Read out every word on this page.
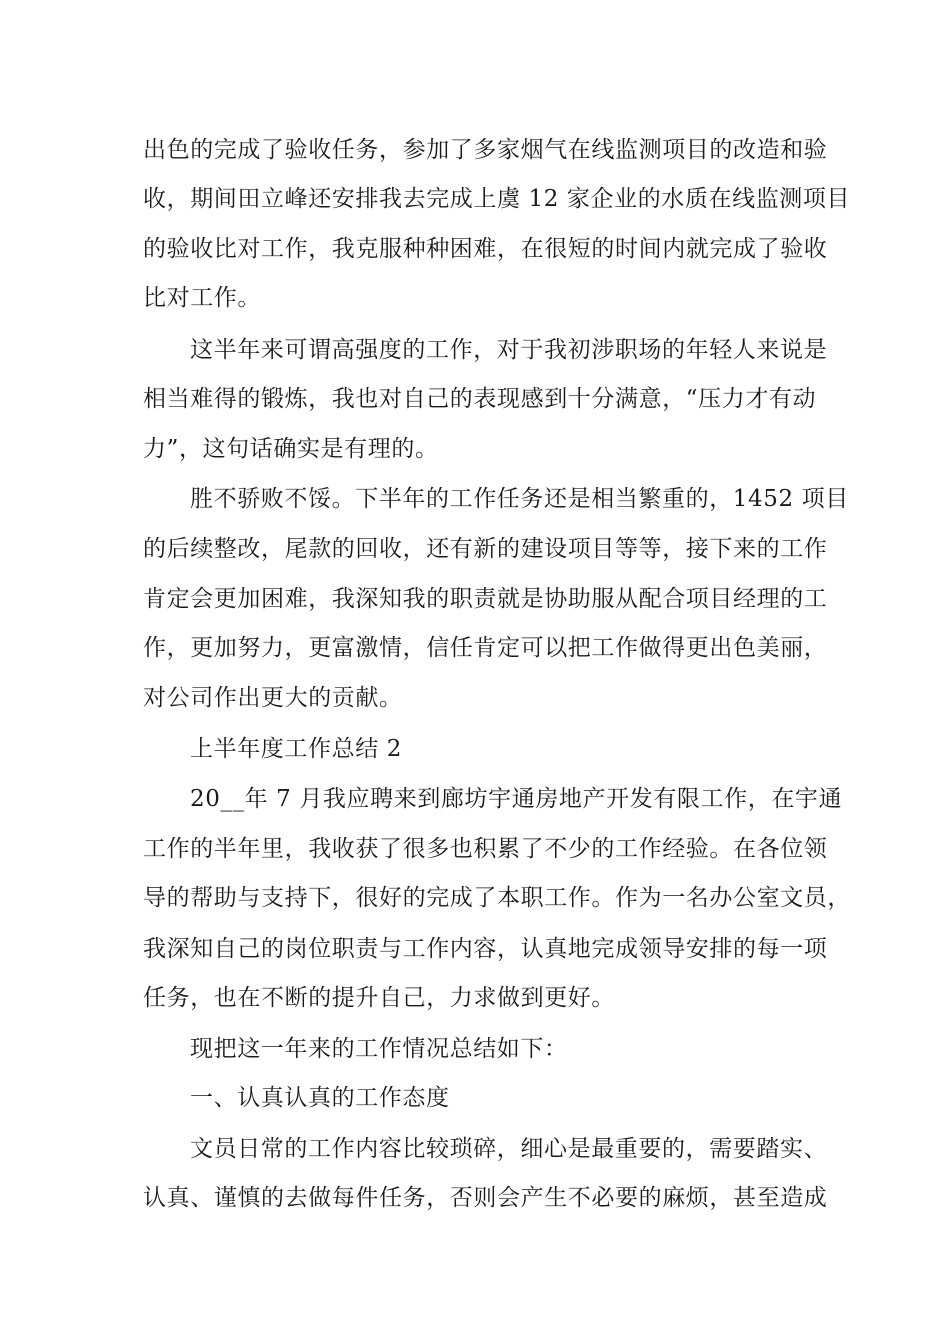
出色的完成了验收任务，参加了多家烟气在线监测项目的改造和验
收，期间田立峰还安排我去完成上虞 12 家企业的水质在线监测项目
的验收比对工作，我克服种种困难，在很短的时间内就完成了验收
比对工作。
这半年来可谓高强度的工作，对于我初涉职场的年轻人来说是
相当难得的锻炼，我也对自己的表现感到十分满意，“压力才有动
力”，这句话确实是有理的。
胜不骄败不馁。下半年的工作任务还是相当繁重的，1452 项目
的后续整改，尾款的回收，还有新的建设项目等等，接下来的工作
肯定会更加困难，我深知我的职责就是协助服从配合项目经理的工
作，更加努力，更富激情，信任肯定可以把工作做得更出色美丽，
对公司作出更大的贡献。
上半年度工作总结 2
20__年 7 月我应聘来到廊坊宇通房地产开发有限工作，在宇通
工作的半年里，我收获了很多也积累了不少的工作经验。在各位领
导的帮助与支持下，很好的完成了本职工作。作为一名办公室文员，
我深知自己的岗位职责与工作内容，认真地完成领导安排的每一项
任务，也在不断的提升自己，力求做到更好。
现把这一年来的工作情况总结如下：
一、认真认真的工作态度
文员日常的工作内容比较琐碎，细心是最重要的，需要踏实、
认真、谨慎的去做每件任务，否则会产生不必要的麻烦，甚至造成
